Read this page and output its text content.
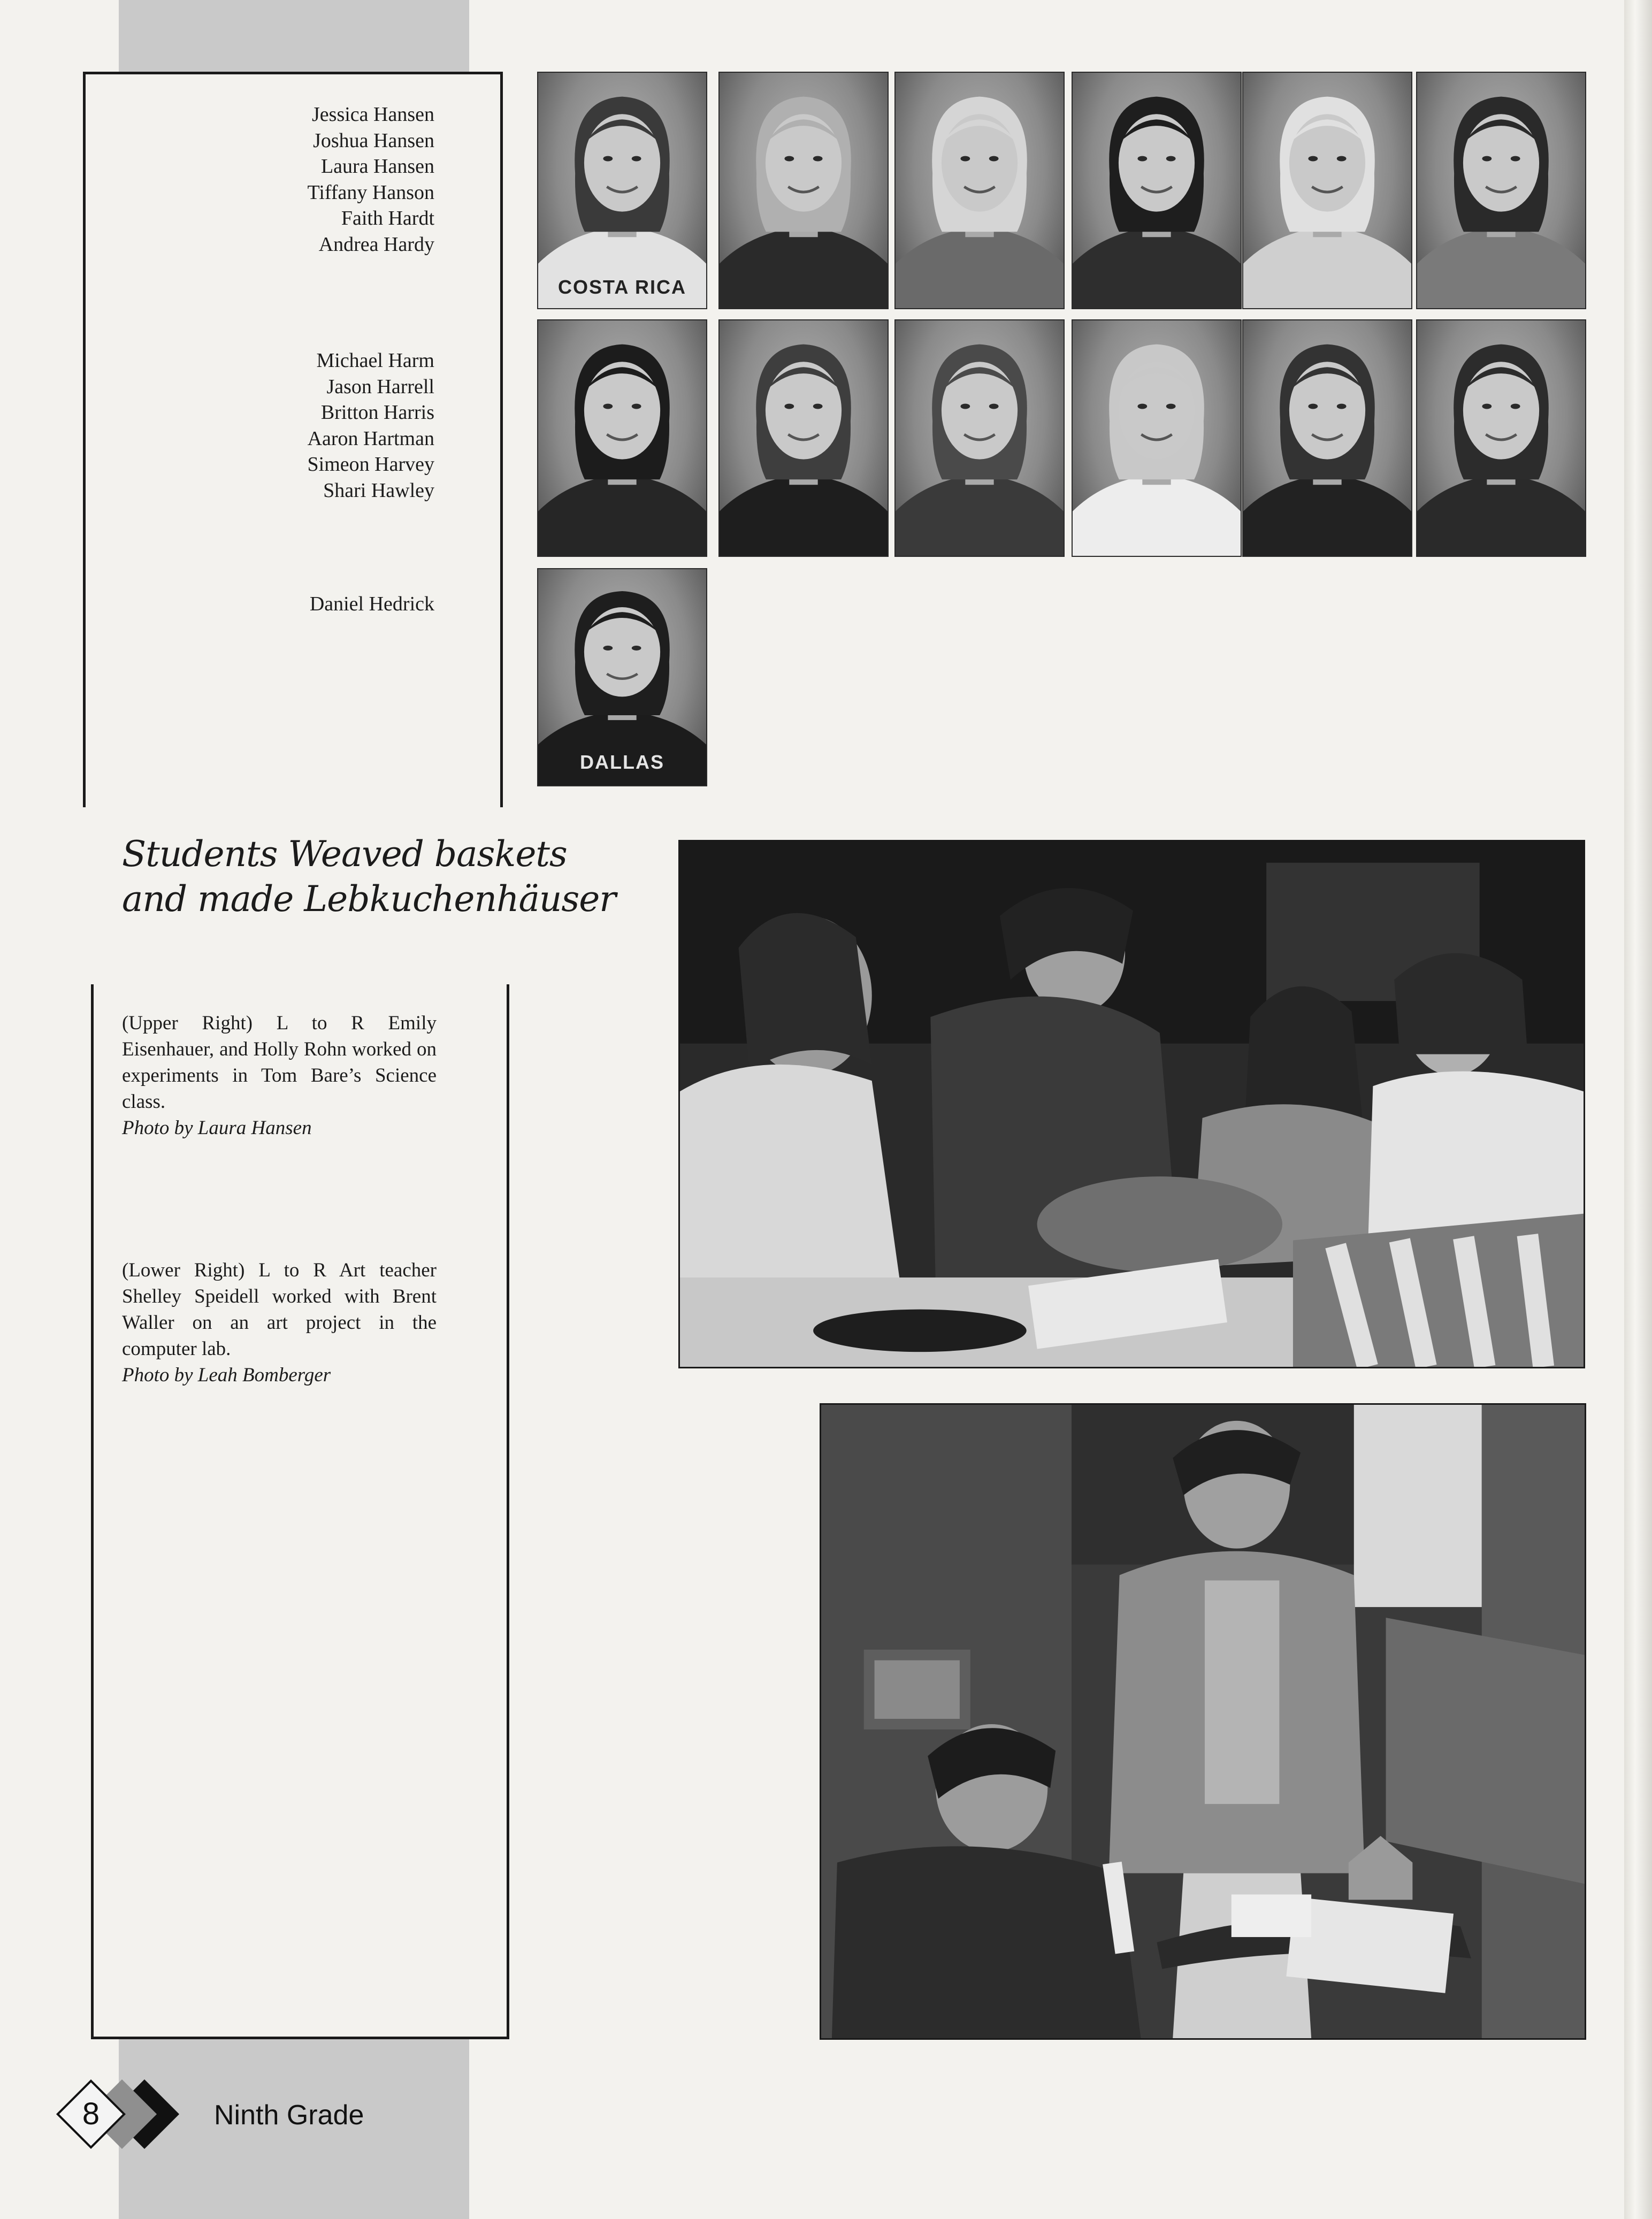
Jessica Hansen
Joshua Hansen
Laura Hansen
Tiffany Hanson
Faith Hardt
Andrea Hardy
Michael Harm
Jason Harrell
Britton Harris
Aaron Hartman
Simeon Harvey
Shari Hawley
Daniel Hedrick
COSTA RICA
DALLAS
Students Weaved baskets
and made Lebkuchenhäuser
(Upper Right) L to R Emily Eisenhauer, and Holly Rohn worked on experiments in Tom Bare’s Science class.
Photo by Laura Hansen
(Lower Right) L to R Art teacher Shelley Speidell worked with Brent Waller on an art project in the computer lab.
Photo by Leah Bomberger
8	Ninth Grade
